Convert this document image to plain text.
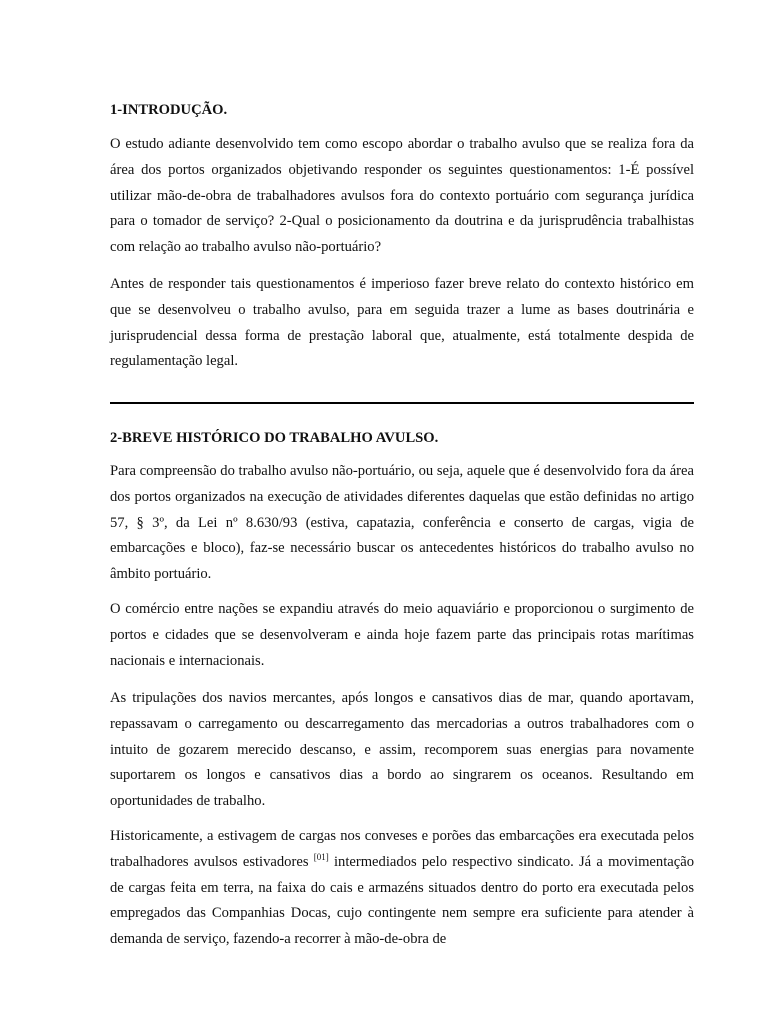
1-INTRODUÇÃO.

O estudo adiante desenvolvido tem como escopo abordar o trabalho avulso que se realiza fora da área dos portos organizados objetivando responder os seguintes questionamentos: 1-É possível utilizar mão-de-obra de trabalhadores avulsos fora do contexto portuário com segurança jurídica para o tomador de serviço? 2-Qual o posicionamento da doutrina e da jurisprudência trabalhistas com relação ao trabalho avulso não-portuário?

Antes de responder tais questionamentos é imperioso fazer breve relato do contexto histórico em que se desenvolveu o trabalho avulso, para em seguida trazer a lume as bases doutrinária e jurisprudencial dessa forma de prestação laboral que, atualmente, está totalmente despida de regulamentação legal.

2-BREVE HISTÓRICO DO TRABALHO AVULSO.

Para compreensão do trabalho avulso não-portuário, ou seja, aquele que é desenvolvido fora da área dos portos organizados na execução de atividades diferentes daquelas que estão definidas no artigo 57, § 3º, da Lei nº 8.630/93 (estiva, capatazia, conferência e conserto de cargas, vigia de embarcações e bloco), faz-se necessário buscar os antecedentes históricos do trabalho avulso no âmbito portuário.

O comércio entre nações se expandiu através do meio aquaviário e proporcionou o surgimento de portos e cidades que se desenvolveram e ainda hoje fazem parte das principais rotas marítimas nacionais e internacionais.

As tripulações dos navios mercantes, após longos e cansativos dias de mar, quando aportavam, repassavam o carregamento ou descarregamento das mercadorias a outros trabalhadores com o intuito de gozarem merecido descanso, e assim, recomporem suas energias para novamente suportarem os longos e cansativos dias a bordo ao singrarem os oceanos. Resultando em oportunidades de trabalho.

Historicamente, a estivagem de cargas nos conveses e porões das embarcações era executada pelos trabalhadores avulsos estivadores [01] intermediados pelo respectivo sindicato. Já a movimentação de cargas feita em terra, na faixa do cais e armazéns situados dentro do porto era executada pelos empregados das Companhias Docas, cujo contingente nem sempre era suficiente para atender à demanda de serviço, fazendo-a recorrer à mão-de-obra de
